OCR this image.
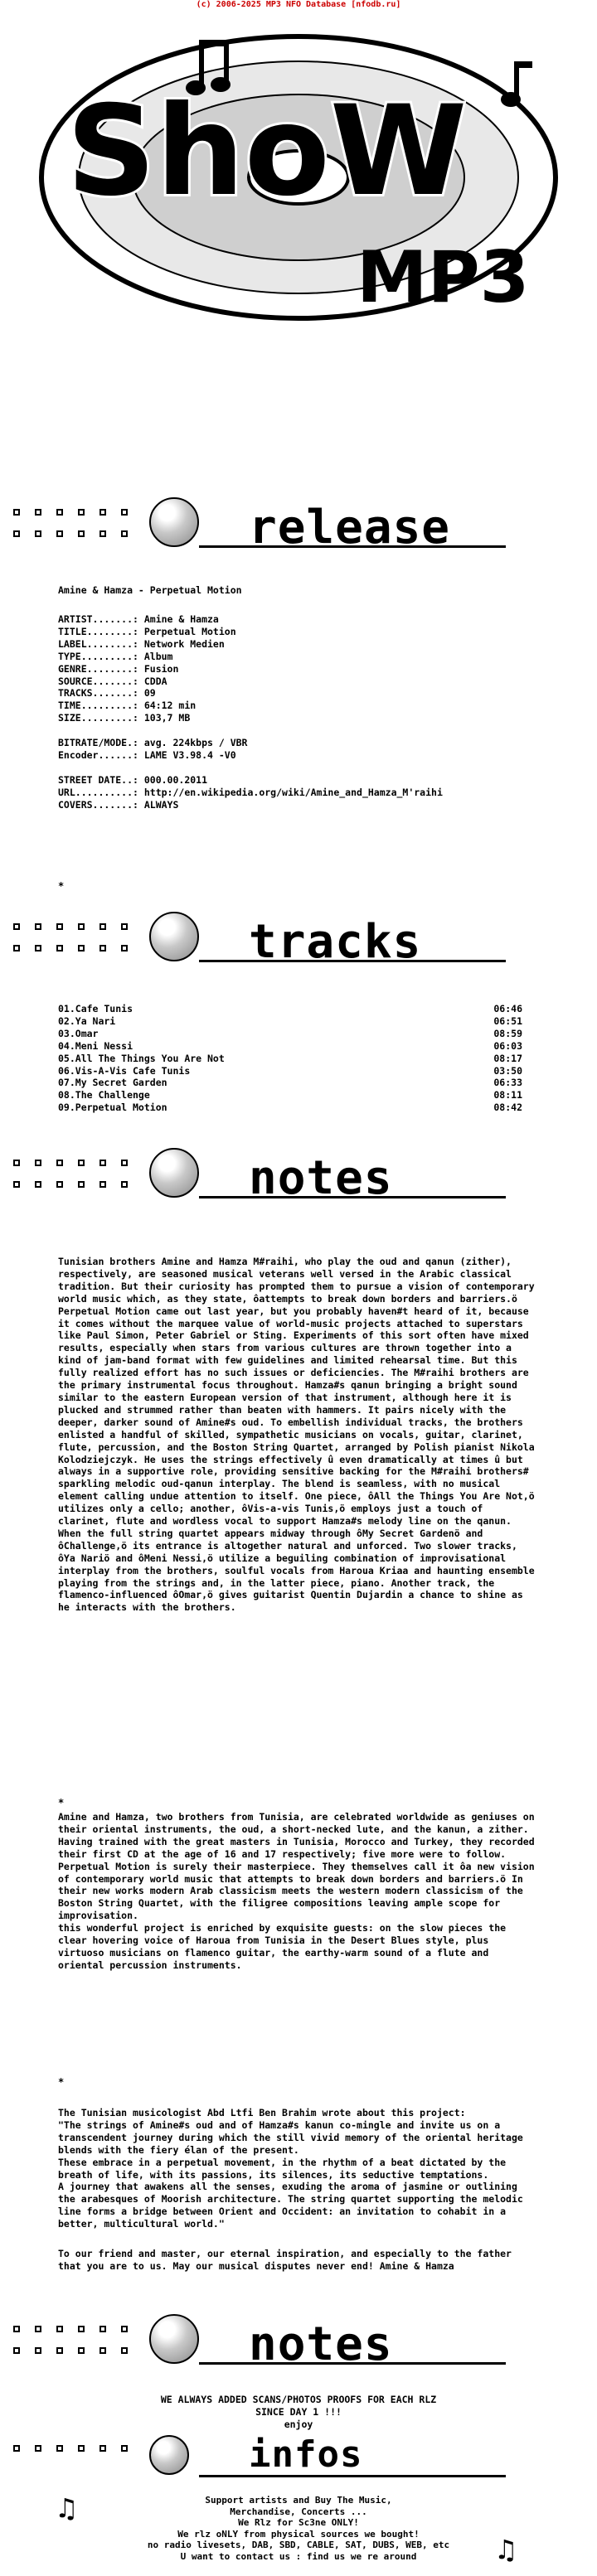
(c) 2006-2025 MP3 NFO Database [nfodb.ru]
ShoW
MP3
release
Amine & Hamza - Perpetual Motion
ARTIST.......: Amine & Hamza
TITLE........: Perpetual Motion
LABEL........: Network Medien
TYPE.........: Album
GENRE........: Fusion
SOURCE.......: CDDA
TRACKS.......: 09
TIME.........: 64:12 min
SIZE.........: 103,7 MB

BITRATE/MODE.: avg. 224kbps / VBR
Encoder......: LAME V3.98.4 -V0

STREET DATE..: 000.00.2011
URL..........: http://en.wikipedia.org/wiki/Amine_and_Hamza_M'raihi
COVERS.......: ALWAYS
*
tracks
01.Cafe Tunis	06:46
02.Ya Nari	06:51
03.Omar	08:59
04.Meni Nessi	06:03
05.All The Things You Are Not	08:17
06.Vis-A-Vis Cafe Tunis	03:50
07.My Secret Garden	06:33
08.The Challenge	08:11
09.Perpetual Motion	08:42
notes
Tunisian brothers Amine and Hamza M#raihi, who play the oud and qanun (zither), respectively, are seasoned musical veterans well versed in the Arabic classical tradition. But their curiosity has prompted them to pursue a vision of contemporary world music which, as they state, ôattempts to break down borders and barriers.ö Perpetual Motion came out last year, but you probably haven#t heard of it, because it comes without the marquee value of world-music projects attached to superstars like Paul Simon, Peter Gabriel or Sting. Experiments of this sort often have mixed results, especially when stars from various cultures are thrown together into a kind of jam-band format with few guidelines and limited rehearsal time. But this fully realized effort has no such issues or deficiencies. The M#raihi brothers are the primary instrumental focus throughout. Hamza#s qanun bringing a bright sound similar to the eastern European version of that instrument, although here it is plucked and strummed rather than beaten with hammers. It pairs nicely with the deeper, darker sound of Amine#s oud. To embellish individual tracks, the brothers enlisted a handful of skilled, sympathetic musicians on vocals, guitar, clarinet, flute, percussion, and the Boston String Quartet, arranged by Polish pianist Nikola Kolodziejczyk. He uses the strings effectively û even dramatically at times û but always in a supportive role, providing sensitive backing for the M#raihi brothers# sparkling melodic oud-qanun interplay. The blend is seamless, with no musical element calling undue attention to itself. One piece, ôAll the Things You Are Not,ö utilizes only a cello; another, ôVis-a-vis Tunis,ö employs just a touch of clarinet, flute and wordless vocal to support Hamza#s melody line on the qanun. When the full string quartet appears midway through ôMy Secret Gardenö and ôChallenge,ö its entrance is altogether natural and unforced. Two slower tracks, ôYa Nariö and ôMeni Nessi,ö utilize a beguiling combination of improvisational interplay from the brothers, soulful vocals from Haroua Kriaa and haunting ensemble playing from the strings and, in the latter piece, piano. Another track, the flamenco-influenced ôOmar,ö gives guitarist Quentin Dujardin a chance to shine as he interacts with the brothers.
*
Amine and Hamza, two brothers from Tunisia, are celebrated worldwide as geniuses on their oriental instruments, the oud, a short-necked lute, and the kanun, a zither. Having trained with the great masters in Tunisia, Morocco and Turkey, they recorded their first CD at the age of 16 and 17 respectively; five more were to follow.
Perpetual Motion is surely their masterpiece. They themselves call it ôa new vision of contemporary world music that attempts to break down borders and barriers.ö In their new works modern Arab classicism meets the western modern classicism of the Boston String Quartet, with the filigree compositions leaving ample scope for improvisation.
this wonderful project is enriched by exquisite guests: on the slow pieces the clear hovering voice of Haroua from Tunisia in the Desert Blues style, plus virtuoso musicians on flamenco guitar, the earthy-warm sound of a flute and oriental percussion instruments.
*
The Tunisian musicologist Abd Ltfi Ben Brahim wrote about this project:
"The strings of Amine#s oud and of Hamza#s kanun co-mingle and invite us on a transcendent journey during which the still vivid memory of the oriental heritage blends with the fiery élan of the present.
These embrace in a perpetual movement, in the rhythm of a beat dictated by the breath of life, with its passions, its silences, its seductive temptations.
A journey that awakens all the senses, exuding the aroma of jasmine or outlining the arabesques of Moorish architecture. The string quartet supporting the melodic line forms a bridge between Orient and Occident: an invitation to cohabit in a better, multicultural world."
To our friend and master, our eternal inspiration, and especially to the father that you are to us. May our musical disputes never end! Amine & Hamza
notes
WE ALWAYS ADDED SCANS/PHOTOS PROOFS FOR EACH RLZ
SINCE DAY 1 !!!
enjoy
infos
Support artists and Buy The Music,
Merchandise, Concerts ...
We Rlz for Sc3ne ONLY!
We rlz oNLY from physical sources we bought!
no radio livesets, DAB, SBD, CABLE, SAT, DUBS, WEB, etc
U want to contact us : find us we re around
♫
♫
